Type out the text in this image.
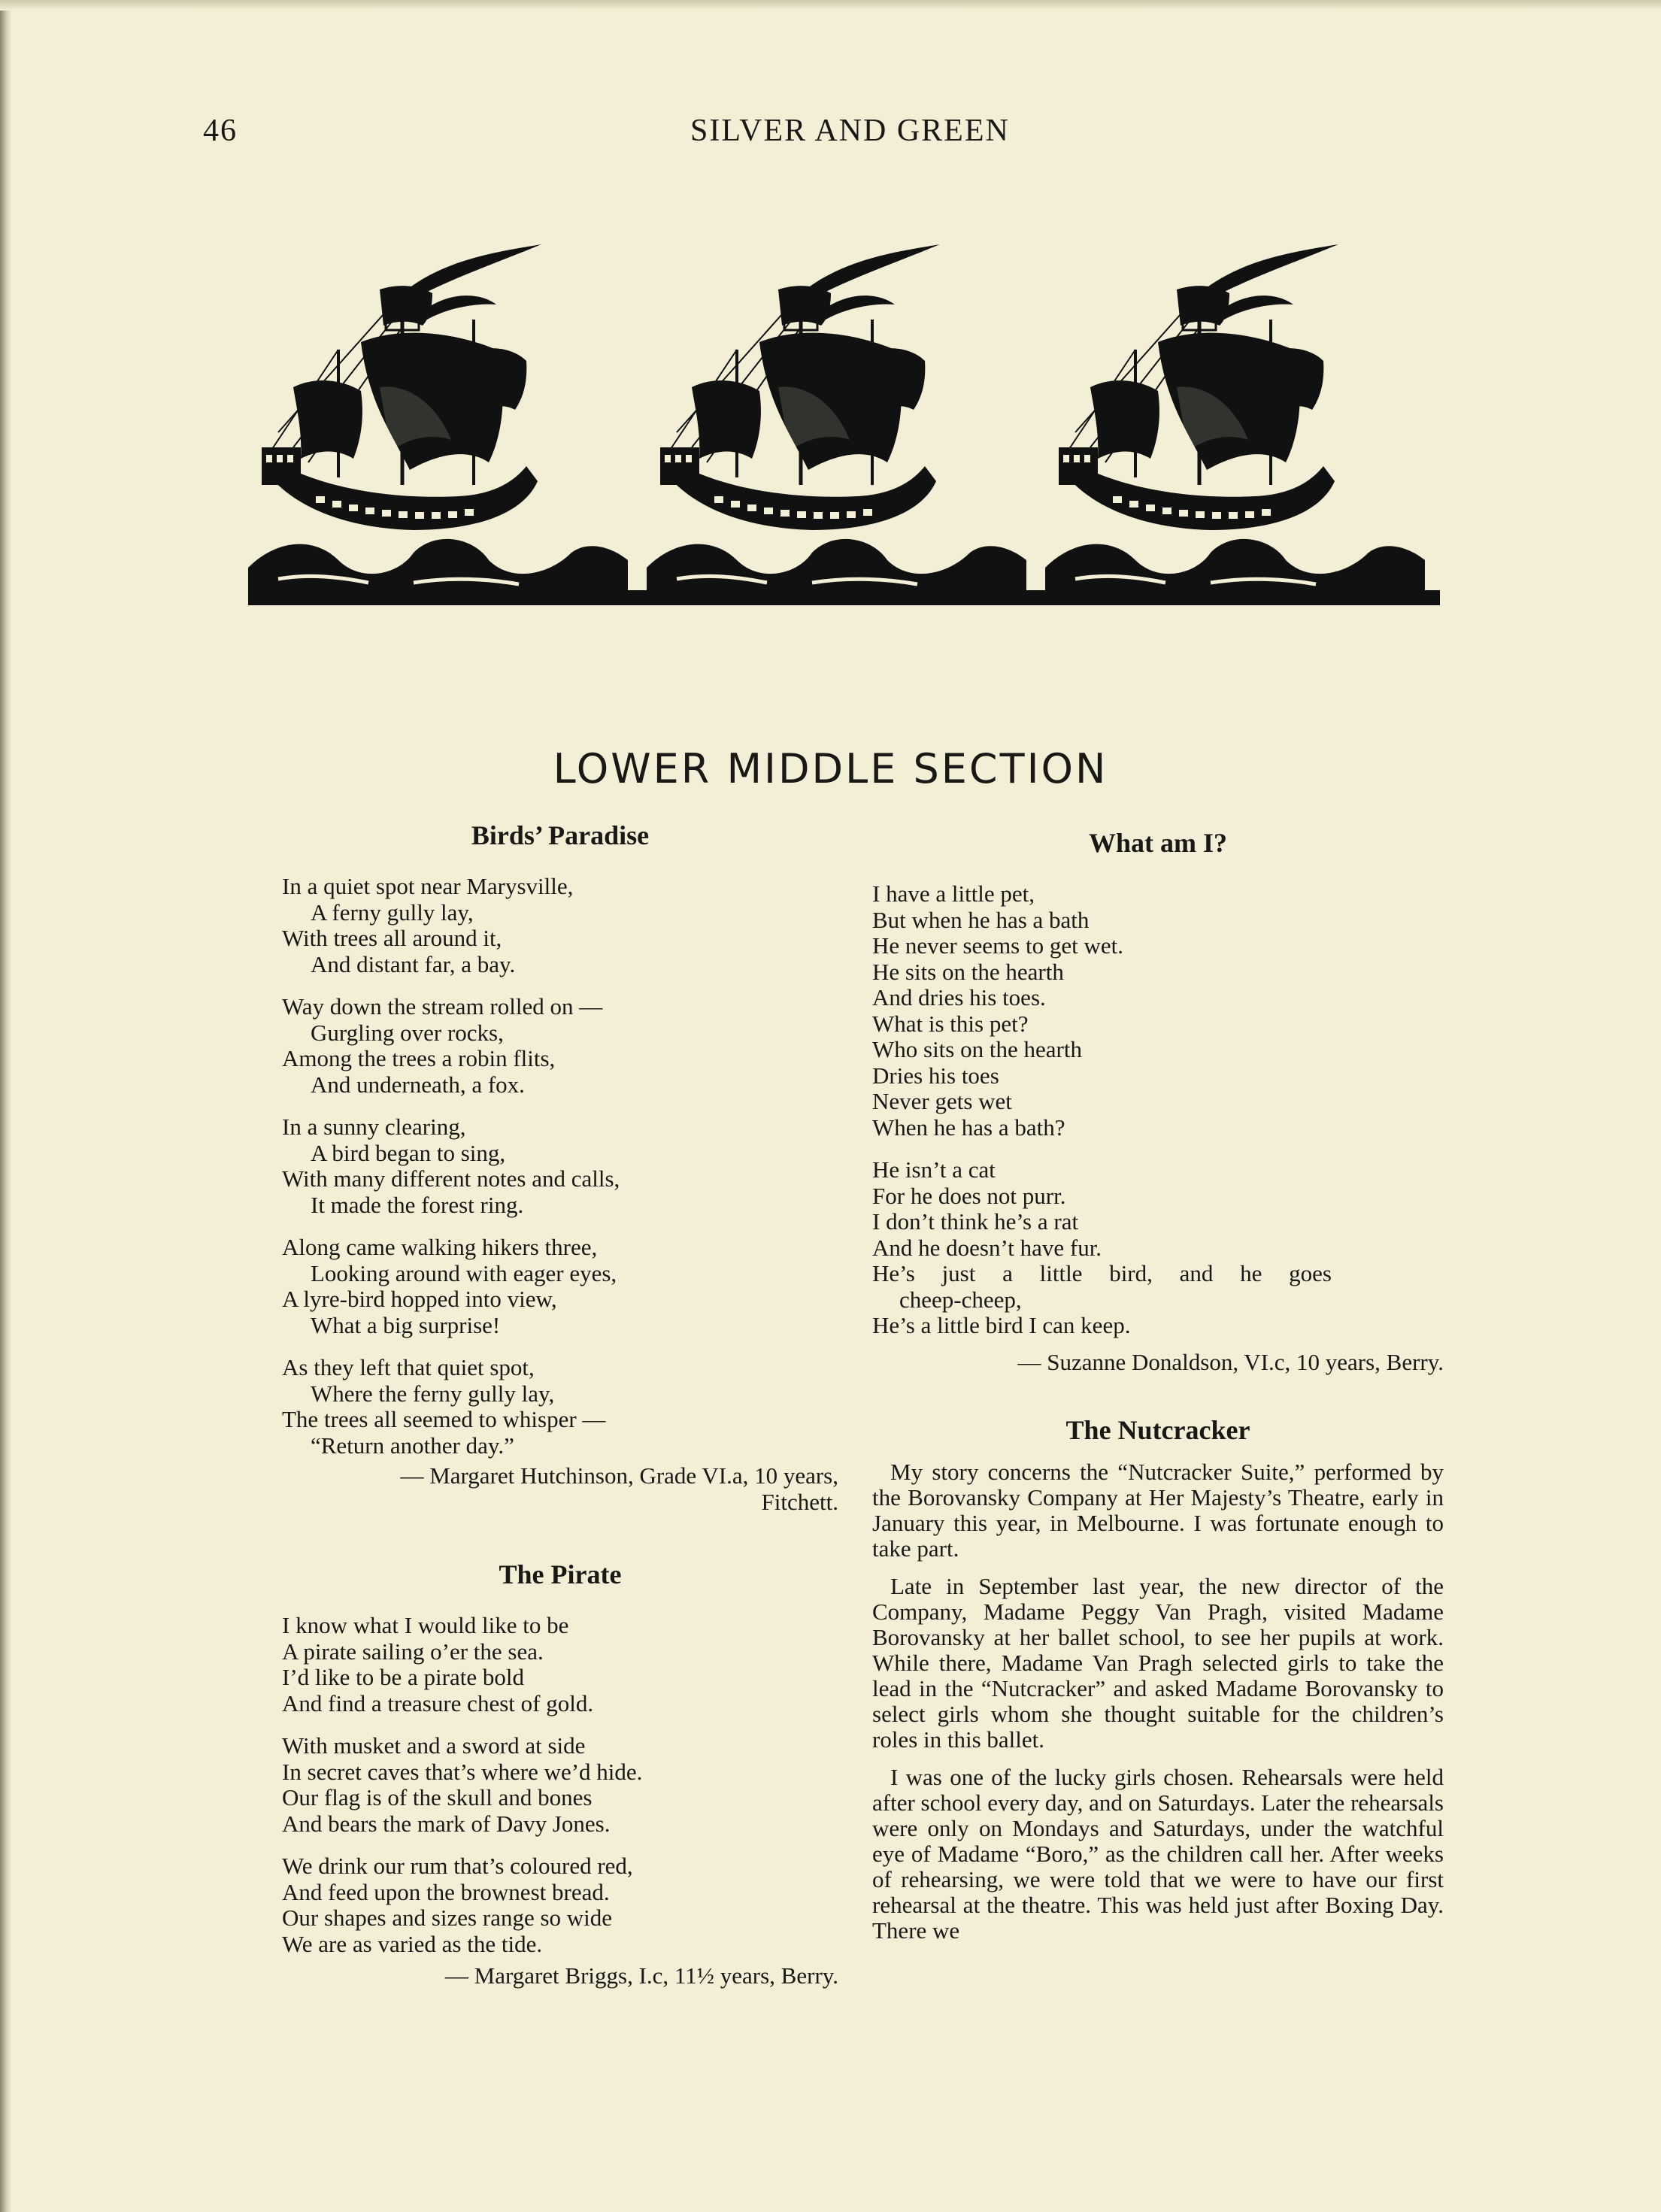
46	SILVER AND GREEN
LOWER MIDDLE SECTION
Birds’ Paradise
In a quiet spot near Marysville,
A ferny gully lay,
With trees all around it,
And distant far, a bay.
Way down the stream rolled on —
Gurgling over rocks,
Among the trees a robin flits,
And underneath, a fox.
In a sunny clearing,
A bird began to sing,
With many different notes and calls,
It made the forest ring.
Along came walking hikers three,
Looking around with eager eyes,
A lyre-bird hopped into view,
What a big surprise!
As they left that quiet spot,
Where the ferny gully lay,
The trees all seemed to whisper —
“Return another day.”
— Margaret Hutchinson, Grade VI.a, 10 years,
Fitchett.
The Pirate
I know what I would like to be
A pirate sailing o’er the sea.
I’d like to be a pirate bold
And find a treasure chest of gold.
With musket and a sword at side
In secret caves that’s where we’d hide.
Our flag is of the skull and bones
And bears the mark of Davy Jones.
We drink our rum that’s coloured red,
And feed upon the brownest bread.
Our shapes and sizes range so wide
We are as varied as the tide.
— Margaret Briggs, I.c, 11½ years, Berry.
What am I?
I have a little pet,
But when he has a bath
He never seems to get wet.
He sits on the hearth
And dries his toes.
What is this pet?
Who sits on the hearth
Dries his toes
Never gets wet
When he has a bath?
He isn’t a cat
For he does not purr.
I don’t think he’s a rat
And he doesn’t have fur.
He’s just a little bird, and he goes
cheep-cheep,
He’s a little bird I can keep.
— Suzanne Donaldson, VI.c, 10 years, Berry.
The Nutcracker

My story concerns the “Nutcracker Suite,” performed by the Borovansky Company at Her Majesty’s Theatre, early in January this year, in Melbourne. I was fortunate enough to take part.

Late in September last year, the new director of the Company, Madame Peggy Van Pragh, visited Madame Borovansky at her ballet school, to see her pupils at work. While there, Madame Van Pragh selected girls to take the lead in the “Nutcracker” and asked Madame Borovansky to select girls whom she thought suitable for the children’s roles in this ballet.

I was one of the lucky girls chosen. Rehearsals were held after school every day, and on Saturdays. Later the rehearsals were only on Mondays and Saturdays, under the watchful eye of Madame “Boro,” as the children call her. After weeks of rehearsing, we were told that we were to have our first rehearsal at the theatre. This was held just after Boxing Day. There we
